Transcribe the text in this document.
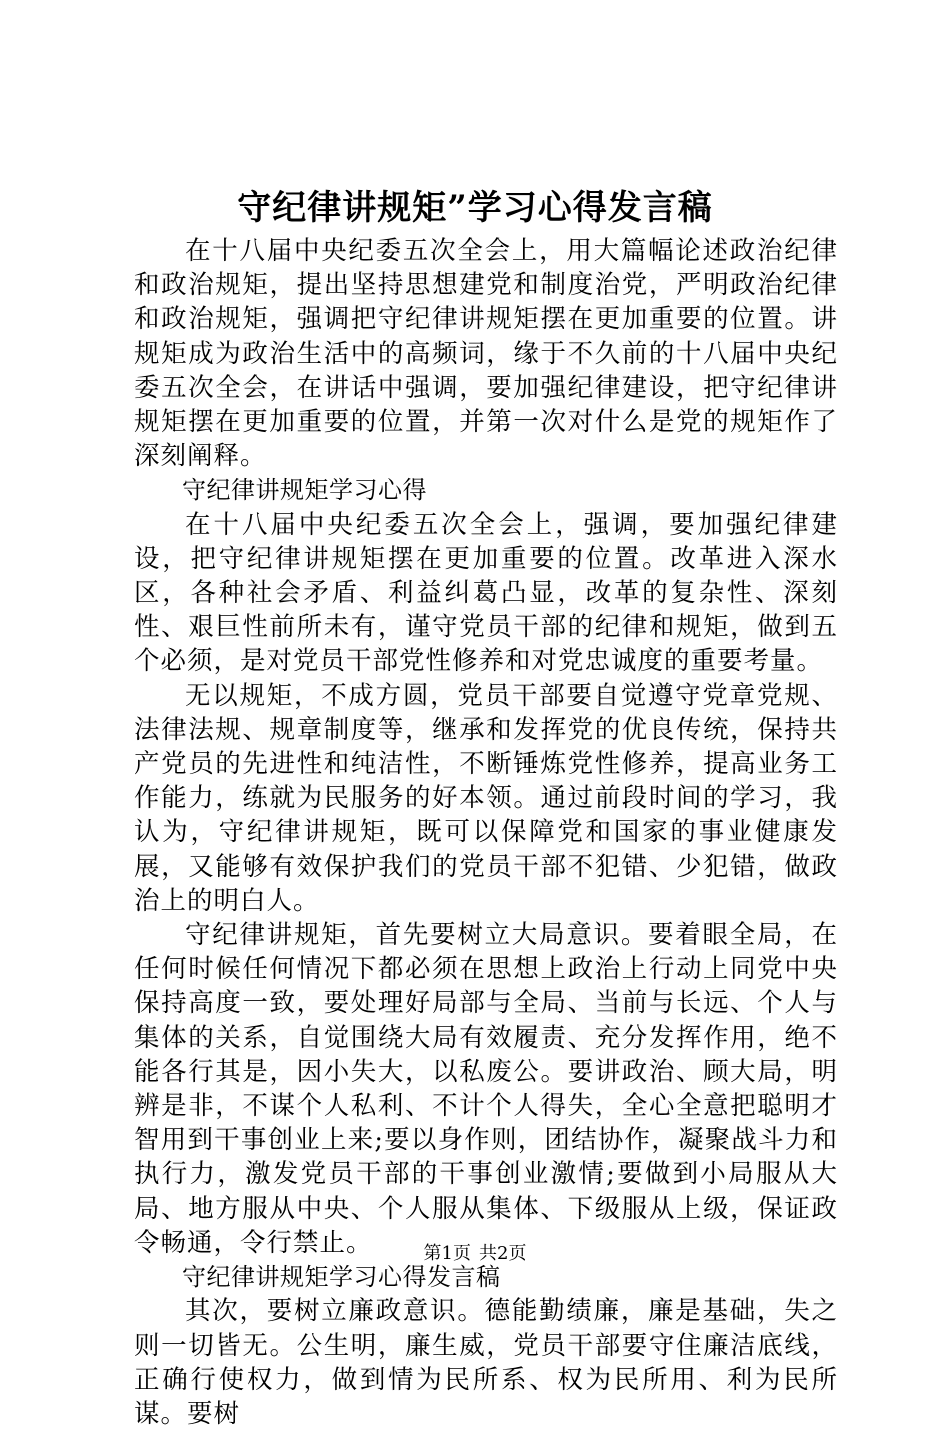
守纪律讲规矩”学习心得发言稿

在十八届中央纪委五次全会上，用大篇幅论述政治纪律和政治规矩，提出坚持思想建党和制度治党，严明政治纪律和政治规矩，强调把守纪律讲规矩摆在更加重要的位置。讲规矩成为政治生活中的高频词，缘于不久前的十八届中央纪委五次全会，在讲话中强调，要加强纪律建设，把守纪律讲规矩摆在更加重要的位置，并第一次对什么是党的规矩作了深刻阐释。

守纪律讲规矩学习心得

在十八届中央纪委五次全会上，强调，要加强纪律建设，把守纪律讲规矩摆在更加重要的位置。改革进入深水区，各种社会矛盾、利益纠葛凸显，改革的复杂性、深刻性、艰巨性前所未有，谨守党员干部的纪律和规矩，做到五个必须，是对党员干部党性修养和对党忠诚度的重要考量。

无以规矩，不成方圆，党员干部要自觉遵守党章党规、法律法规、规章制度等，继承和发挥党的优良传统，保持共产党员的先进性和纯洁性，不断锤炼党性修养，提高业务工作能力，练就为民服务的好本领。通过前段时间的学习，我认为，守纪律讲规矩，既可以保障党和国家的事业健康发展，又能够有效保护我们的党员干部不犯错、少犯错，做政治上的明白人。

守纪律讲规矩，首先要树立大局意识。要着眼全局，在任何时候任何情况下都必须在思想上政治上行动上同党中央保持高度一致，要处理好局部与全局、当前与长远、个人与集体的关系，自觉围绕大局有效履责、充分发挥作用，绝不能各行其是，因小失大，以私废公。要讲政治、顾大局，明辨是非，不谋个人私利、不计个人得失，全心全意把聪明才智用到干事创业上来;要以身作则，团结协作，凝聚战斗力和执行力，激发党员干部的干事创业激情;要做到小局服从大局、地方服从中央、个人服从集体、下级服从上级，保证政令畅通，令行禁止。

守纪律讲规矩学习心得发言稿

其次，要树立廉政意识。德能勤绩廉，廉是基础，失之则一切皆无。公生明，廉生威，党员干部要守住廉洁底线，正确行使权力，做到情为民所系、权为民所用、利为民所谋。要树

第1页 共2页
